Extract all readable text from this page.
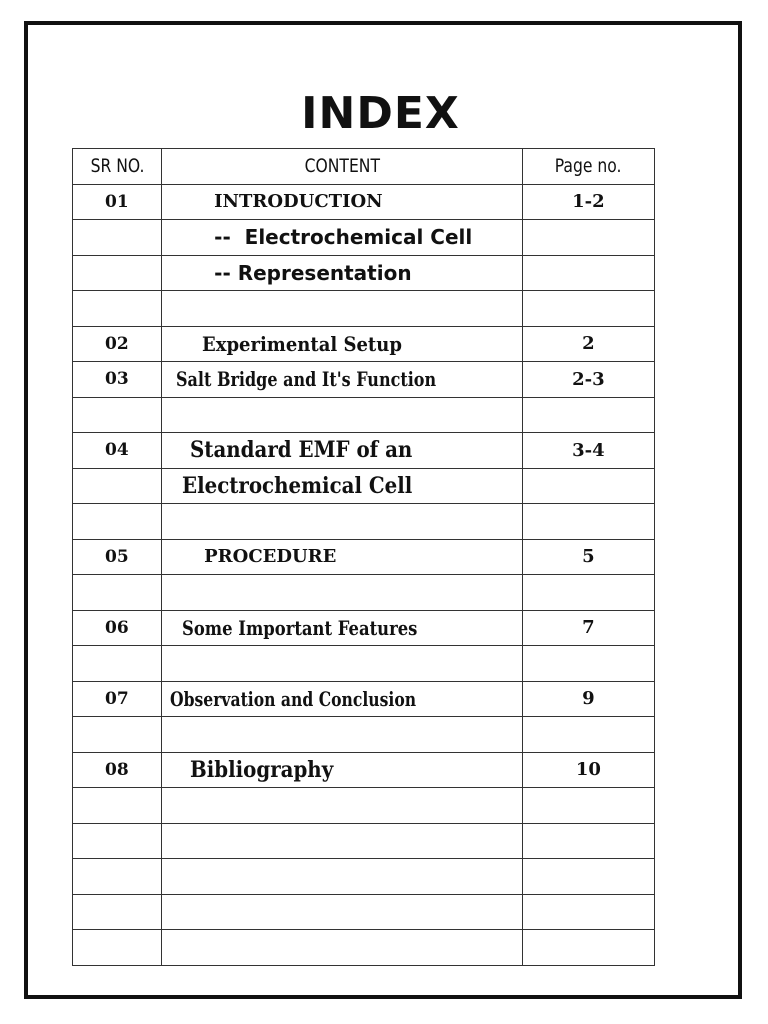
INDEX
SR NO.	CONTENT	Page no.
01	INTRODUCTION	1-2
	--  Electrochemical Cell	
	-- Representation	

02	Experimental Setup	2
03	Salt Bridge and It's Function	2-3

04	Standard EMF of an	3-4
	Electrochemical Cell	

05	PROCEDURE	5

06	Some Important Features	7

07	Observation and Conclusion	9

08	Bibliography	10
